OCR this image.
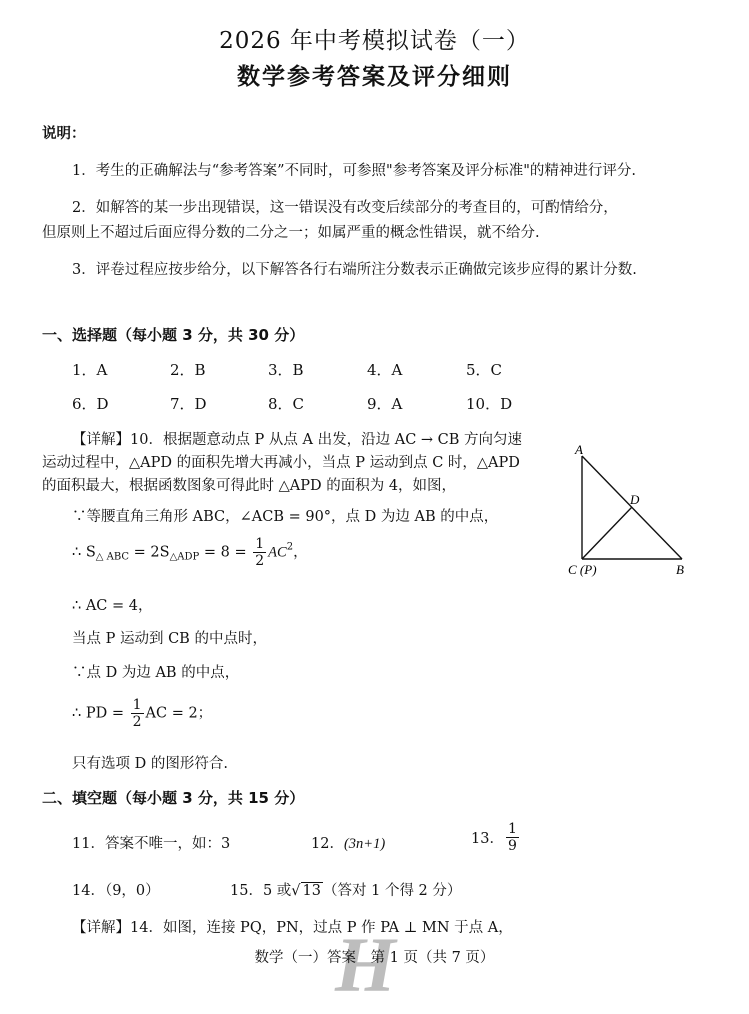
2026 年中考模拟试卷（一）
数学参考答案及评分细则
说明：
1．考生的正确解法与“参考答案”不同时，可参照"参考答案及评分标准"的精神进行评分.
2．如解答的某一步出现错误，这一错误没有改变后续部分的考查目的，可酌情给分，
但原则上不超过后面应得分数的二分之一；如属严重的概念性错误，就不给分.
3．评卷过程应按步给分，以下解答各行右端所注分数表示正确做完该步应得的累计分数.
一、选择题（每小题 3 分，共 30 分）
1．A	2．B	3．B	4．A	5．C
6．D	7．D	8．C	9．A	10．D
【详解】10．根据题意动点 P 从点 A 出发，沿边 AC → CB 方向匀速
运动过程中，△APD 的面积先增大再减小，当点 P 运动到点 C 时，△APD
的面积最大，根据函数图象可得此时 △APD 的面积为 4，如图，
∵等腰直角三角形 ABC，∠ACB = 90°，点 D 为边 AB 的中点，
∴ $S_{\triangle ABC} = 2S_{\triangle ADP} = 8 = \frac{1}{2} AC^2$，
∴ AC = 4，
当点 P 运动到 CB 的中点时，
∵点 D 为边 AB 的中点，
∴ PD = $\frac{1}{2}$ AC = 2；
只有选项 D 的图形符合.
A
D
C (P)	B
二、填空题（每小题 3 分，共 15 分）
11．答案不唯一，如：3	12．(3n+1)	13． $\frac{1}{9}$
14．（9，0）	15．5 或√ 13 （答对 1 个得 2 分）
【详解】14．如图，连接 PQ，PN，过点 P 作 PA ⊥ MN 于点 A，
H
数学（一）答案　第 1 页（共 7 页）
